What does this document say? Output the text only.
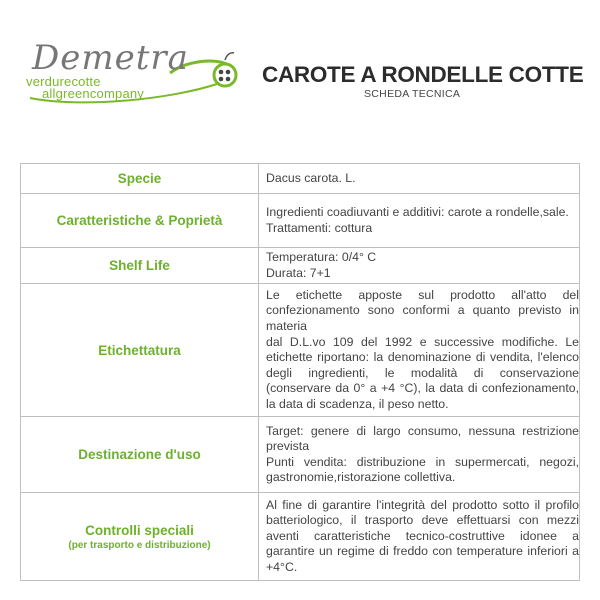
Demetra
verdurecotte
allgreencompany
CAROTE A RONDELLE COTTE
SCHEDA TECNICA
Specie	Dacus carota. L.

Caratteristiche & Poprietà	Ingredienti coadiuvanti e additivi: carote a rondelle,sale.
Trattamenti: cottura

Shelf Life	Temperatura: 0/4° C
Durata: 7+1

Etichettatura	Le etichette apposte sul prodotto all'atto del confezionamento sono conformi a quanto previsto in materia
dal D.L.vo 109 del 1992 e successive modifiche. Le etichette riportano: la denominazione di vendita, l'elenco degli ingredienti, le modalità di conservazione (conservare da 0° a +4 °C), la data di confezionamento, la data di scadenza, il peso netto.

Destinazione d'uso	Target: genere di largo consumo, nessuna restrizione prevista
Punti vendita: distribuzione in supermercati, negozi, gastronomie,ristorazione collettiva.

Controlli speciali
(per trasporto e distribuzione)	Al fine di garantire l'integrità del prodotto sotto il profilo batteriologico, il trasporto deve effettuarsi con mezzi aventi caratteristiche tecnico-costruttive idonee a garantire un regime di freddo con temperature inferiori a +4°C.
